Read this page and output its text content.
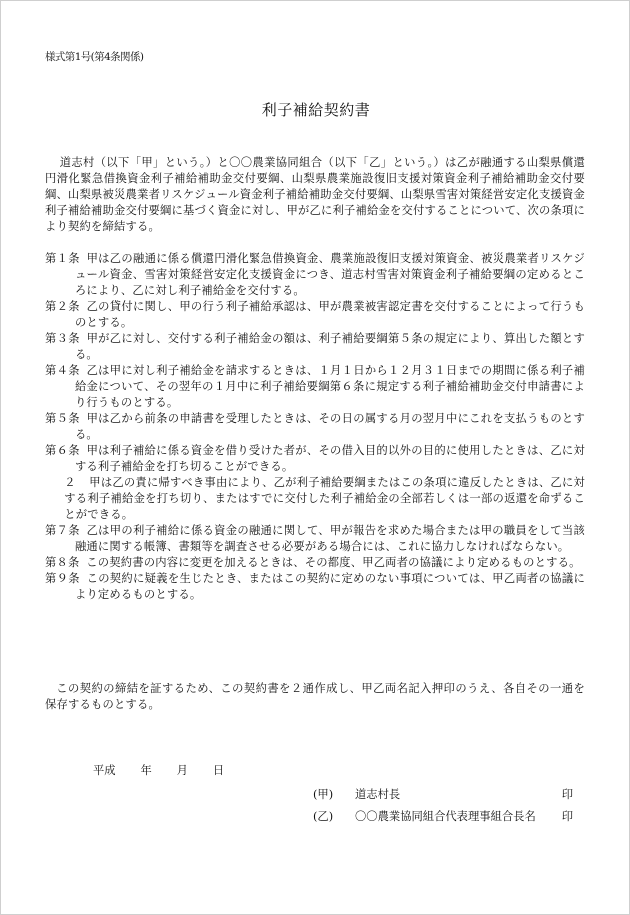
様式第1号(第4条関係)
利子補給契約書

道志村（以下「甲」という。）と〇〇農業協同組合（以下「乙」という。）は乙が融通する山梨県償還円滑化緊急借換資金利子補給補助金交付要綱、山梨県農業施設復旧支援対策資金利子補給補助金交付要綱、山梨県被災農業者リスケジュール資金利子補給補助金交付要綱、山梨県雪害対策経営安定化支援資金利子補給補助金交付要綱に基づく資金に対し、甲が乙に利子補給金を交付することについて、次の条項により契約を締結する。

第１条 甲は乙の融通に係る償還円滑化緊急借換資金、農業施設復旧支援対策資金、被災農業者リスケジュール資金、雪害対策経営安定化支援資金につき、道志村雪害対策資金利子補給要綱の定めるところにより、乙に対し利子補給金を交付する。

第２条 乙の貸付に関し、甲の行う利子補給承認は、甲が農業被害認定書を交付することによって行うものとする。

第３条 甲が乙に対し、交付する利子補給金の額は、利子補給要綱第５条の規定により、算出した額とする。

第４条 乙は甲に対し利子補給金を請求するときは、１月１日から１２月３１日までの期間に係る利子補給金について、その翌年の１月中に利子補給要綱第６条に規定する利子補給補助金交付申請書により行うものとする。

第５条 甲は乙から前条の申請書を受理したときは、その日の属する月の翌月中にこれを支払うものとする。

第６条 甲は利子補給に係る資金を借り受けた者が、その借入目的以外の目的に使用したときは、乙に対する利子補給金を打ち切ることができる。

２ 甲は乙の責に帰すべき事由により、乙が利子補給要綱またはこの条項に違反したときは、乙に対する利子補給金を打ち切り、またはすでに交付した利子補給金の全部若しくは一部の返還を命ずることができる。

第７条 乙は甲の利子補給に係る資金の融通に関して、甲が報告を求めた場合または甲の職員をして当該融通に関する帳簿、書類等を調査させる必要がある場合には、これに協力しなければならない。

第８条 この契約書の内容に変更を加えるときは、その都度、甲乙両者の協議により定めるものとする。

第９条 この契約に疑義を生じたとき、またはこの契約に定めのない事項については、甲乙両者の協議により定めるものとする。

この契約の締結を証するため、この契約書を２通作成し、甲乙両名記入押印のうえ、各自その一通を保存するものとする。

平成 年 月 日
(甲) 道志村長	印
(乙) 〇〇農業協同組合代表理事組合長名 印
